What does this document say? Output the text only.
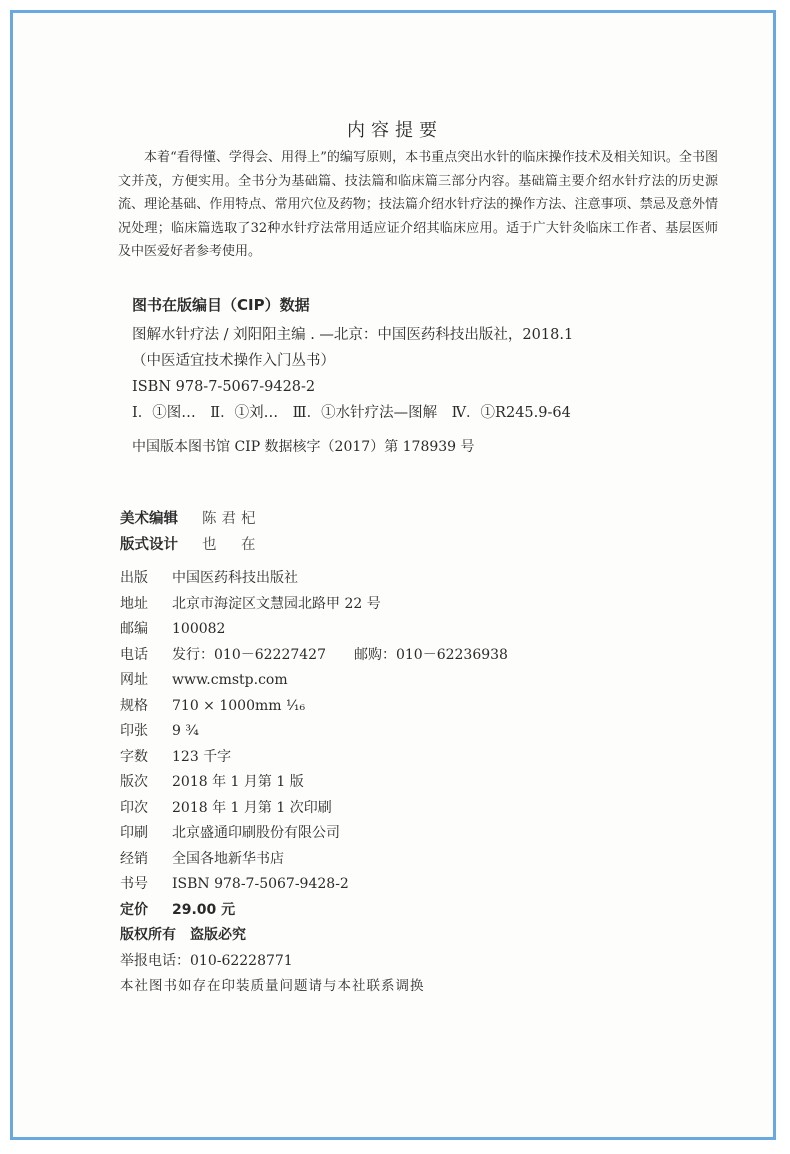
内容提要

本着“看得懂、学得会、用得上”的编写原则，本书重点突出水针的临床操作技术及相关知识。全书图文并茂，方便实用。全书分为基础篇、技法篇和临床篇三部分内容。基础篇主要介绍水针疗法的历史源流、理论基础、作用特点、常用穴位及药物；技法篇介绍水针疗法的操作方法、注意事项、禁忌及意外情况处理；临床篇选取了32种水针疗法常用适应证介绍其临床应用。适于广大针灸临床工作者、基层医师及中医爱好者参考使用。

图书在版编目（CIP）数据
图解水针疗法 / 刘阳阳主编 . —北京：中国医药科技出版社，2018.1
（中医适宜技术操作入门丛书）
ISBN 978-7-5067-9428-2
Ⅰ．①图…　Ⅱ．①刘…　Ⅲ．①水针疗法—图解　Ⅳ．①R245.9-64
中国版本图书馆 CIP 数据核字（2017）第 178939 号
美术编辑 陈君杞
版式设计 也　在
出版 中国医药科技出版社
地址 北京市海淀区文慧园北路甲 22 号
邮编 100082
电话 发行：010－62227427　　邮购：010－62236938
网址 www.cmstp.com
规格 710 × 1000mm ¹⁄₁₆
印张 9 ³⁄₄
字数 123 千字
版次 2018 年 1 月第 1 版
印次 2018 年 1 月第 1 次印刷
印刷 北京盛通印刷股份有限公司
经销 全国各地新华书店
书号 ISBN 978-7-5067-9428-2
定价 29.00 元
版权所有　盗版必究
举报电话：010-62228771
本社图书如存在印装质量问题请与本社联系调换
